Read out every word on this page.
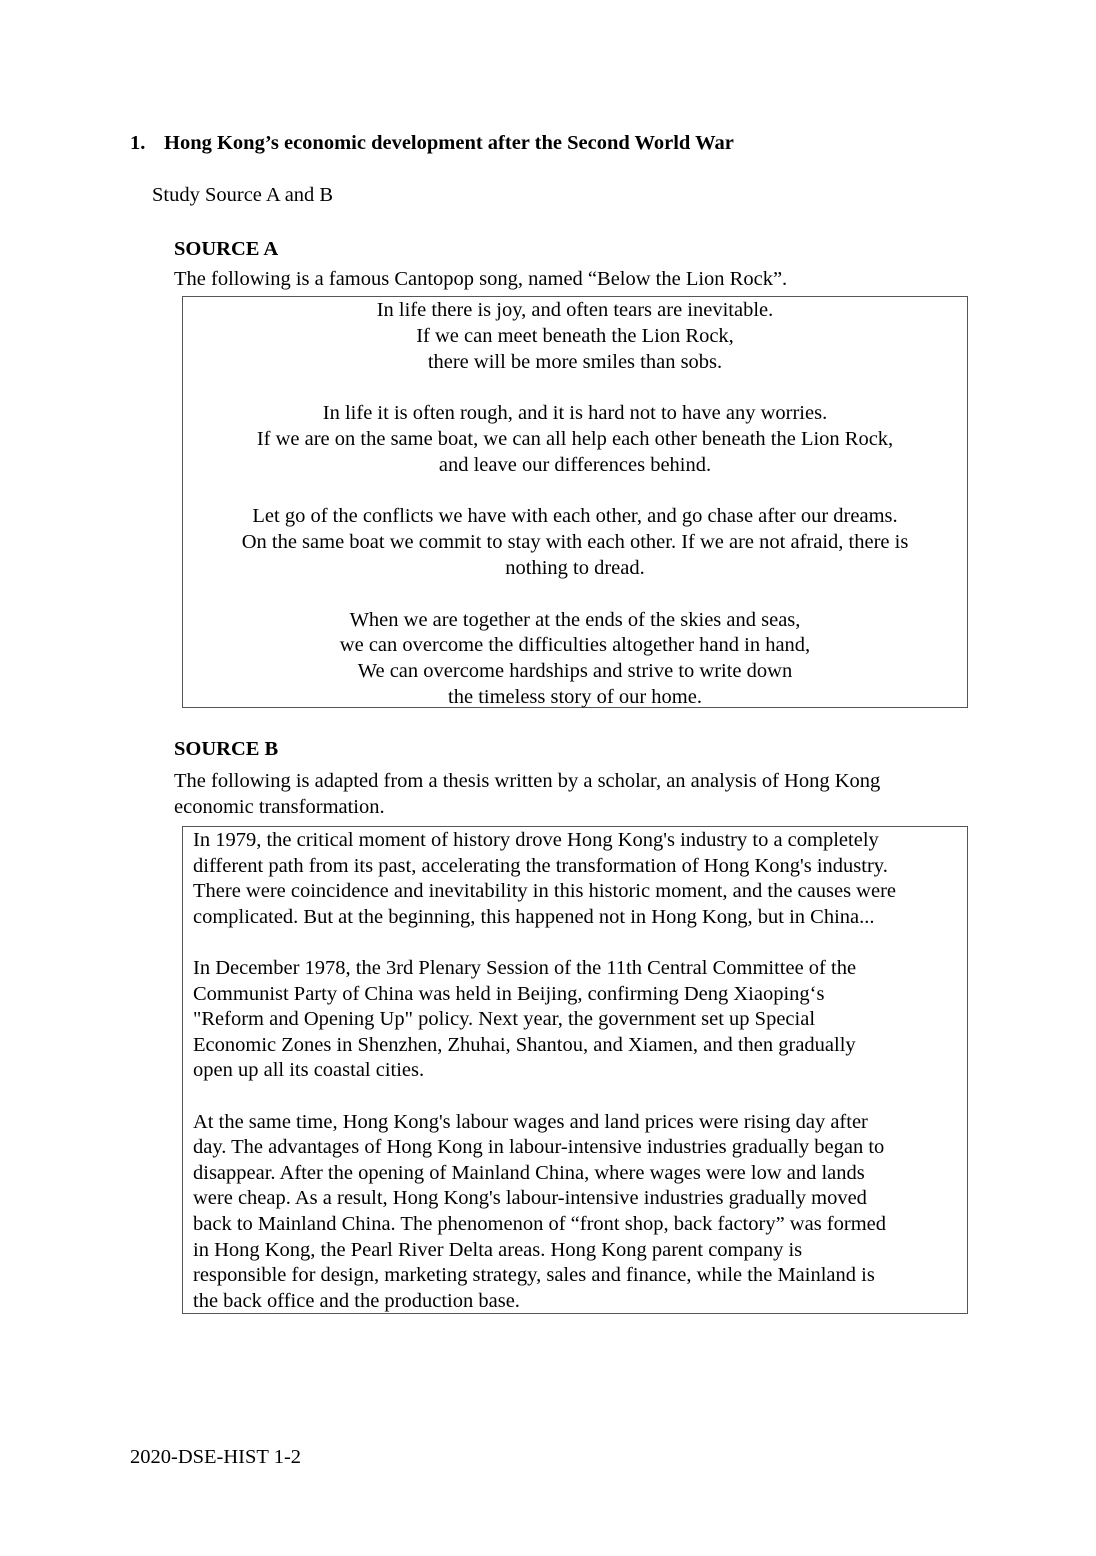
1. Hong Kong’s economic development after the Second World War
Study Source A and B
SOURCE A
The following is a famous Cantopop song, named “Below the Lion Rock”.
In life there is joy, and often tears are inevitable.
If we can meet beneath the Lion Rock,
there will be more smiles than sobs.
In life it is often rough, and it is hard not to have any worries.
If we are on the same boat, we can all help each other beneath the Lion Rock,
and leave our differences behind.
Let go of the conflicts we have with each other, and go chase after our dreams.
On the same boat we commit to stay with each other. If we are not afraid, there is
nothing to dread.
When we are together at the ends of the skies and seas,
we can overcome the difficulties altogether hand in hand,
We can overcome hardships and strive to write down
the timeless story of our home.
SOURCE B
The following is adapted from a thesis written by a scholar, an analysis of Hong Kong
economic transformation.
In 1979, the critical moment of history drove Hong Kong's industry to a completely
different path from its past, accelerating the transformation of Hong Kong's industry.
There were coincidence and inevitability in this historic moment, and the causes were
complicated. But at the beginning, this happened not in Hong Kong, but in China...
In December 1978, the 3rd Plenary Session of the 11th Central Committee of the
Communist Party of China was held in Beijing, confirming Deng Xiaoping‘s
"Reform and Opening Up" policy. Next year, the government set up Special
Economic Zones in Shenzhen, Zhuhai, Shantou, and Xiamen, and then gradually
open up all its coastal cities.
At the same time, Hong Kong's labour wages and land prices were rising day after
day. The advantages of Hong Kong in labour-intensive industries gradually began to
disappear. After the opening of Mainland China, where wages were low and lands
were cheap. As a result, Hong Kong's labour-intensive industries gradually moved
back to Mainland China. The phenomenon of “front shop, back factory” was formed
in Hong Kong, the Pearl River Delta areas. Hong Kong parent company is
responsible for design, marketing strategy, sales and finance, while the Mainland is
the back office and the production base.
2020-DSE-HIST 1-2
